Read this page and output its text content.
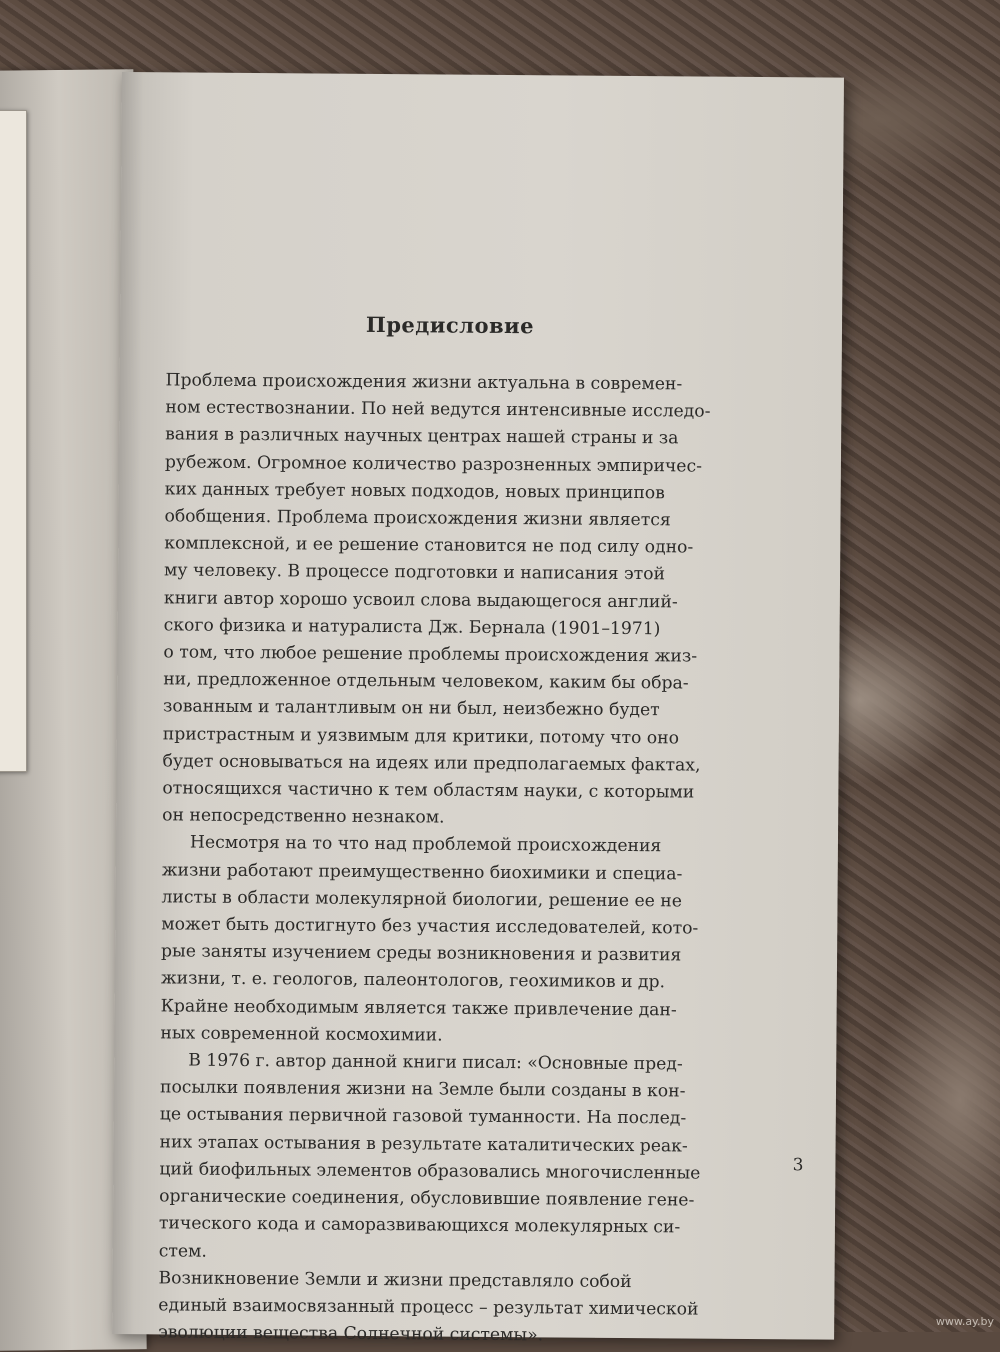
Предисловие

Проблема происхождения жизни актуальна в современ-
ном естествознании. По ней ведутся интенсивные исследо-
вания в различных научных центрах нашей страны и за
рубежом. Огромное количество разрозненных эмпиричес-
ких данных требует новых подходов, новых принципов
обобщения. Проблема происхождения жизни является
комплексной, и ее решение становится не под силу одно-
му человеку. В процессе подготовки и написания этой
книги автор хорошо усвоил слова выдающегося англий-
ского физика и натуралиста Дж. Бернала (1901–1971)
о том, что любое решение проблемы происхождения жиз-
ни, предложенное отдельным человеком, каким бы обра-
зованным и талантливым он ни был, неизбежно будет
пристрастным и уязвимым для критики, потому что оно
будет основываться на идеях или предполагаемых фактах,
относящихся частично к тем областям науки, с которыми
он непосредственно незнаком.

Несмотря на то что над проблемой происхождения
жизни работают преимущественно биохимики и специа-
листы в области молекулярной биологии, решение ее не
может быть достигнуто без участия исследователей, кото-
рые заняты изучением среды возникновения и развития
жизни, т. е. геологов, палеонтологов, геохимиков и др.
Крайне необходимым является также привлечение дан-
ных современной космохимии.

В 1976 г. автор данной книги писал: «Основные пред-
посылки появления жизни на Земле были созданы в кон-
це остывания первичной газовой туманности. На послед-
них этапах остывания в результате каталитических реак-
ций биофильных элементов образовались многочисленные
органические соединения, обусловившие появление гене-
тического кода и саморазвивающихся молекулярных си-
стем.

Возникновение Земли и жизни представляло собой
единый взаимосвязанный процесс – результат химической
эволюции вещества Солнечной системы».

3
www.ay.by
